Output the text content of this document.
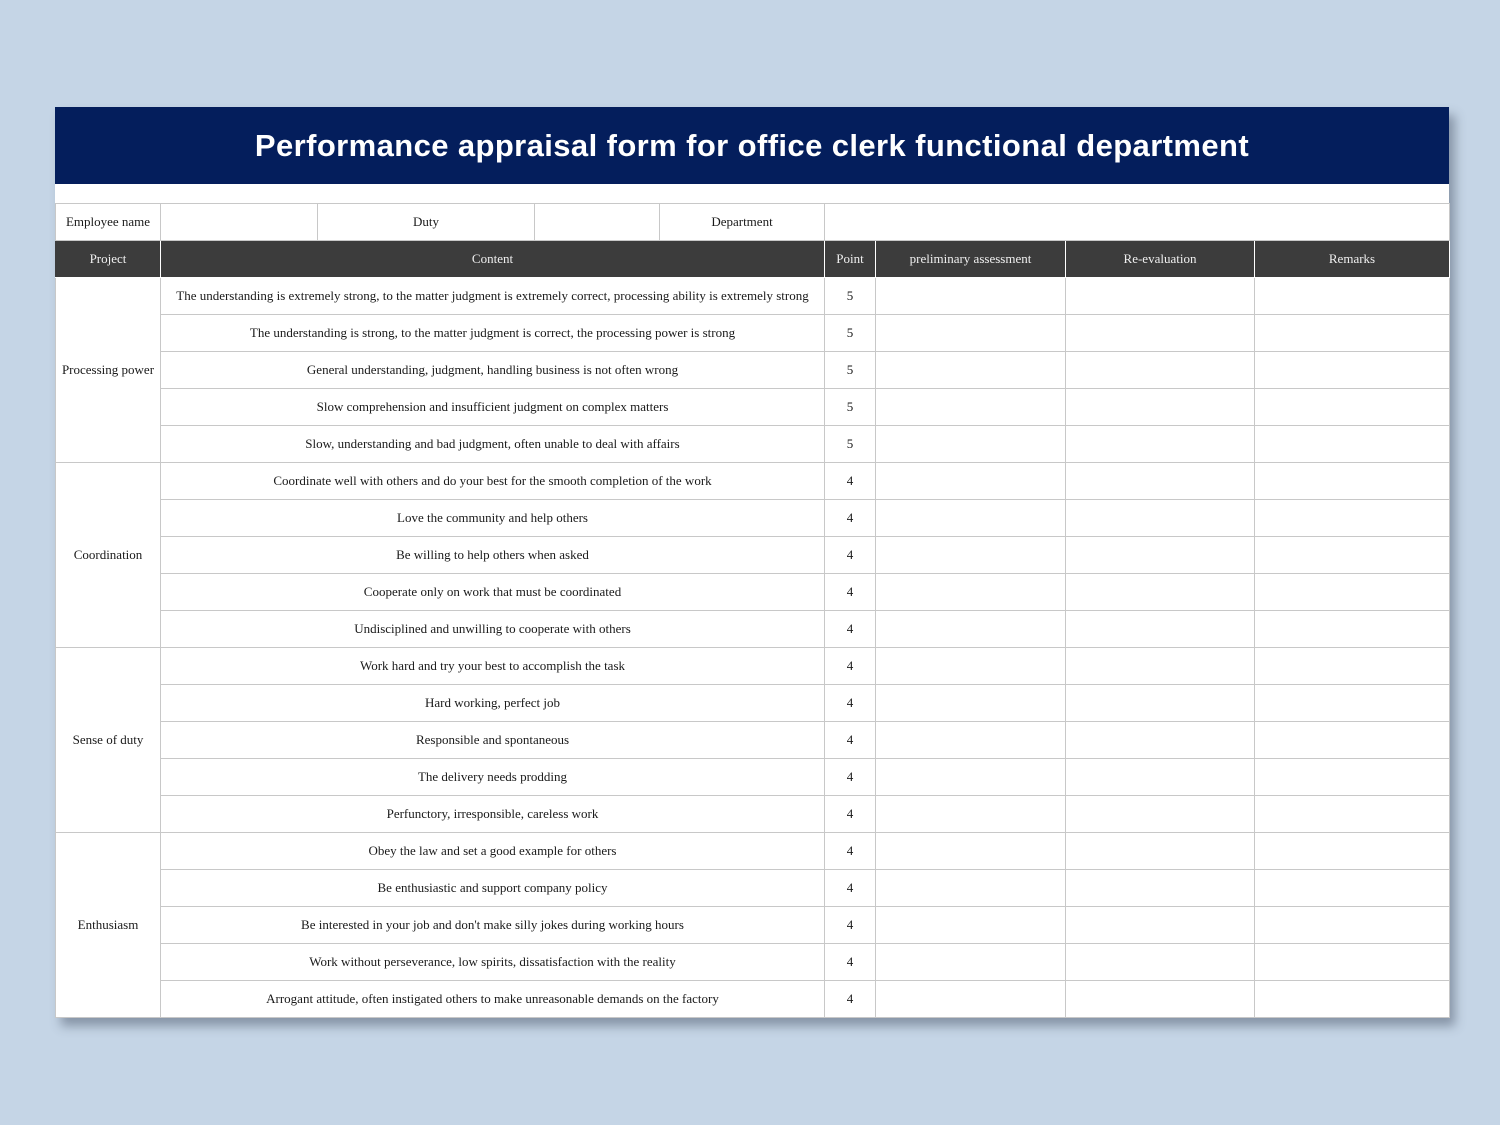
Performance appraisal form for office clerk functional department
Employee name		Duty		Department				
Project	Content				Point	preliminary assessment	Re-evaluation	Remarks
Processing power	The understanding is extremely strong, to the matter judgment is extremely correct, processing ability is extremely strong				5			
	The understanding is strong, to the matter judgment is correct, the processing power is strong				5			
	General understanding, judgment, handling business is not often wrong				5			
	Slow comprehension and insufficient judgment on complex matters				5			
	Slow, understanding and bad judgment, often unable to deal with affairs				5			
Coordination	Coordinate well with others and do your best for the smooth completion of the work				4			
	Love the community and help others				4			
	Be willing to help others when asked				4			
	Cooperate only on work that must be coordinated				4			
	Undisciplined and unwilling to cooperate with others				4			
Sense of duty	Work hard and try your best to accomplish the task				4			
	Hard working, perfect job				4			
	Responsible and spontaneous				4			
	The delivery needs prodding				4			
	Perfunctory, irresponsible, careless work				4			
Enthusiasm	Obey the law and set a good example for others				4			
	Be enthusiastic and support company policy				4			
	Be interested in your job and don't make silly jokes during working hours				4			
	Work without perseverance, low spirits, dissatisfaction with the reality				4			
	Arrogant attitude, often instigated others to make unreasonable demands on the factory				4			
